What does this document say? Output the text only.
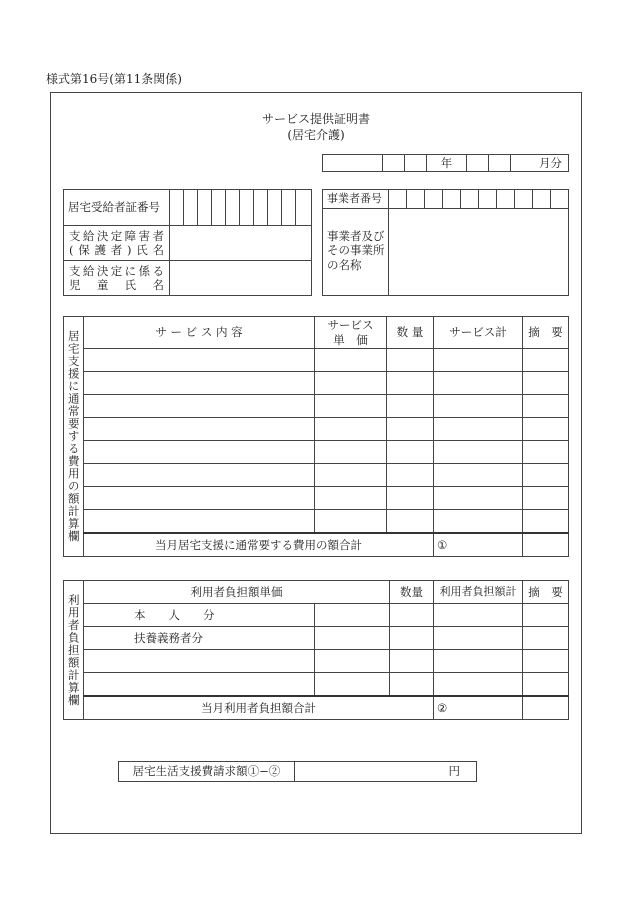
様式第16号(第11条関係)
サービス提供証明書
(居宅介護)
			年			月分
居宅受給者証番号										

支給決定障害者
(保護者)氏名										

支給決定に係る
児童氏名										

事業者番号										

事業者及び
その事業所
の名称										

居宅支援に通常要する費用の額計算欄	サ ー ビ ス 内 容	サービス
単　価	数 量	サービス計	摘　要

	当月居宅支援に通常要する費用の額合計			①	
利用者負担額計算欄	利用者負担額単価		数量	利用者負担額計	摘　要
	本　　人　　分				
	扶養義務者分				

	当月利用者負担額合計			②	
居宅生活支援費請求額①−②	円
